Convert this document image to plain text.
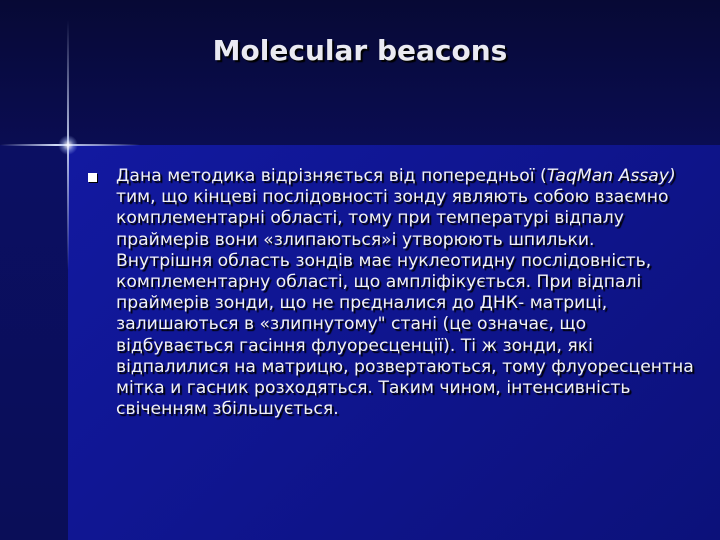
Molecular beacons
Дана методика відрізняється від попередньої (TaqMan Assay) тим, що кінцеві послідовності зонду являють собою взаємно комплементарні області, тому при температурі відпалу праймерів вони «злипаються»і утворюють шпильки. Внутрішня область зондів має нуклеотидну послідовність, комплементарну області, що ампліфікується. При відпалі праймерів зонди, що не прєдналися до ДНК- матриці, залишаються в «злипнутому" стані (це означає, що відбувається гасіння флуоресценції). Ті ж зонди, які відпалилися на матрицю, розвертаються, тому флуоресцентна мітка и гасник розходяться. Таким чином, інтенсивність свіченням збільшується.
